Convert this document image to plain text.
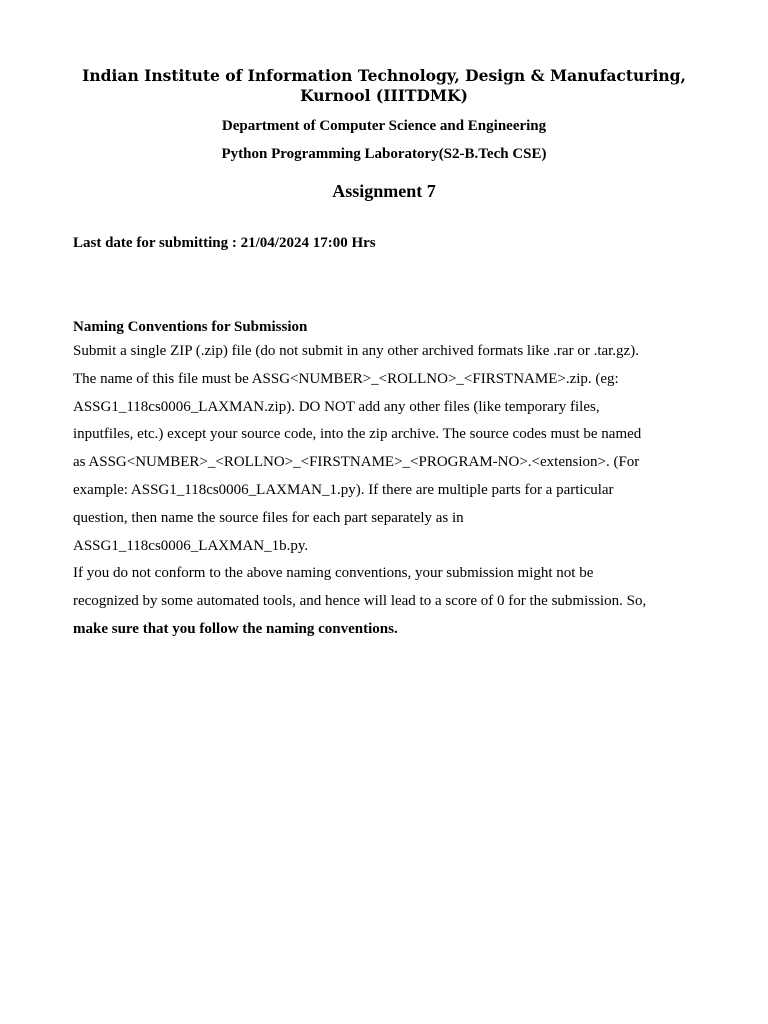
Indian Institute of Information Technology, Design & Manufacturing,
Kurnool (IIITDMK)
Department of Computer Science and Engineering
Python Programming Laboratory(S2-B.Tech CSE)
Assignment 7
Last date for submitting : 21/04/2024 17:00 Hrs
Naming Conventions for Submission
Submit a single ZIP (.zip) file (do not submit in any other archived formats like .rar or .tar.gz).
The name of this file must be ASSG<NUMBER>_<ROLLNO>_<FIRSTNAME>.zip. (eg:
ASSG1_118cs0006_LAXMAN.zip). DO NOT add any other files (like temporary files,
inputfiles, etc.) except your source code, into the zip archive. The source codes must be named
as ASSG<NUMBER>_<ROLLNO>_<FIRSTNAME>_<PROGRAM-NO>.<extension>. (For
example: ASSG1_118cs0006_LAXMAN_1.py). If there are multiple parts for a particular
question, then name the source files for each part separately as in
ASSG1_118cs0006_LAXMAN_1b.py.
If you do not conform to the above naming conventions, your submission might not be
recognized by some automated tools, and hence will lead to a score of 0 for the submission. So,
make sure that you follow the naming conventions.
